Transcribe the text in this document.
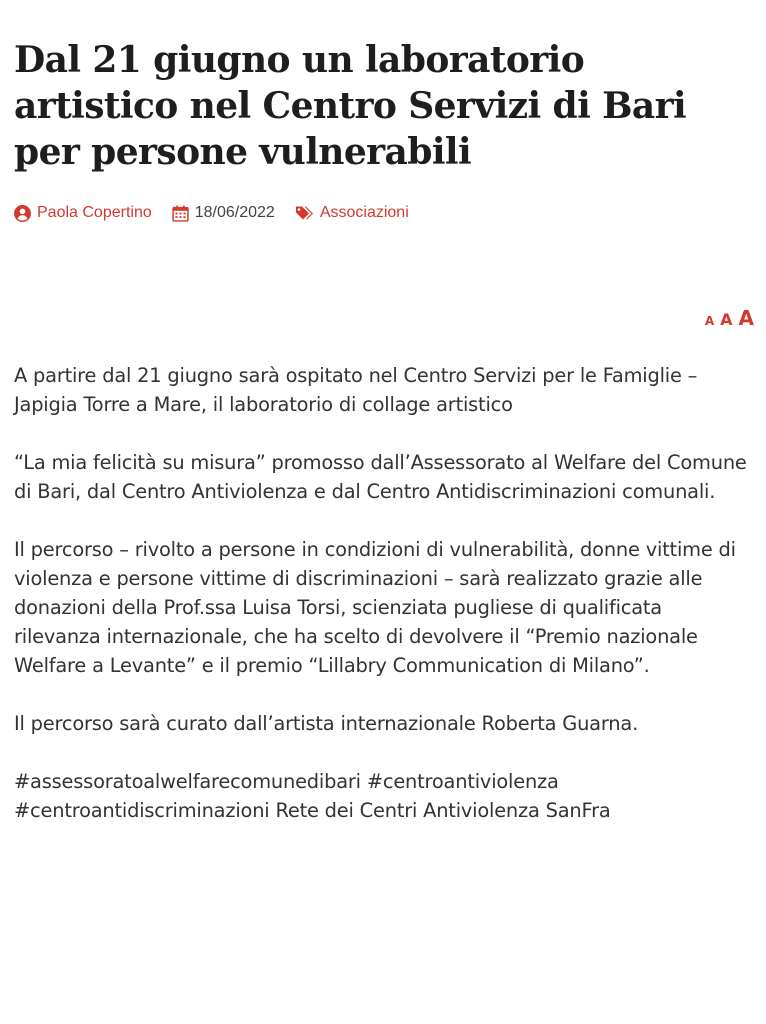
Dal 21 giugno un laboratorio artistico nel Centro Servizi di Bari per persone vulnerabili
Paola Copertino	18/06/2022	Associazioni
A A A

A partire dal 21 giugno sarà ospitato nel Centro Servizi per le Famiglie – Japigia Torre a Mare, il laboratorio di collage artistico

“La mia felicità su misura” promosso dall’Assessorato al Welfare del Comune di Bari, dal Centro Antiviolenza e dal Centro Antidiscriminazioni comunali.

Il percorso – rivolto a persone in condizioni di vulnerabilità, donne vittime di violenza e persone vittime di discriminazioni – sarà realizzato grazie alle donazioni della Prof.ssa Luisa Torsi, scienziata pugliese di qualificata rilevanza internazionale, che ha scelto di devolvere il “Premio nazionale Welfare a Levante” e il premio “Lillabry Communication di Milano”.

Il percorso sarà curato dall’artista internazionale Roberta Guarna.

#assessoratoalwelfarecomunedibari #centroantiviolenza #centroantidiscriminazioni Rete dei Centri Antiviolenza SanFra
